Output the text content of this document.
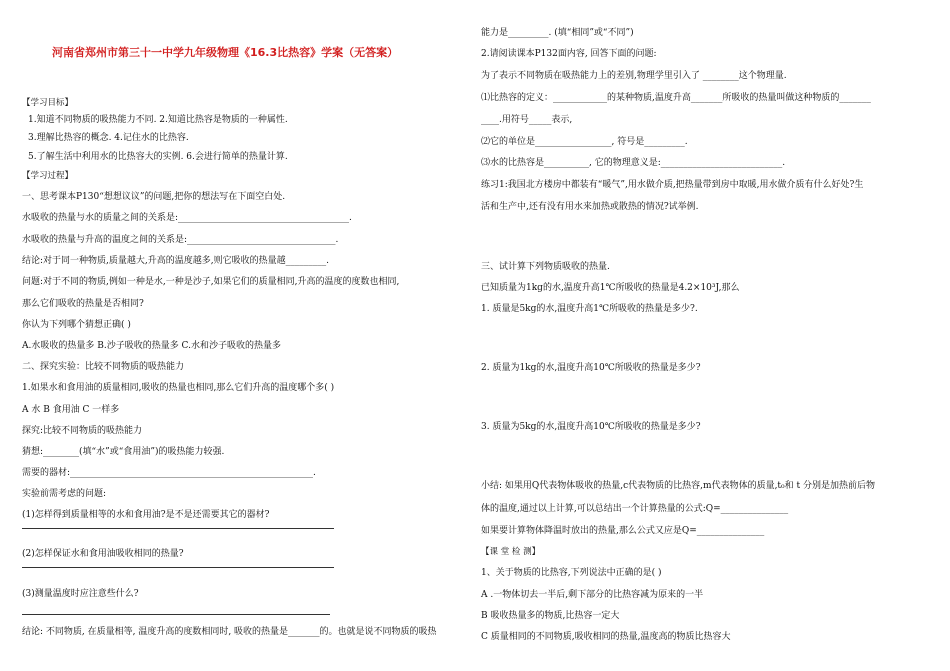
河南省郑州市第三十一中学九年级物理《16.3比热容》学案（无答案）
【学习目标】
1.知道不同物质的吸热能力不同. 2.知道比热容是物质的一种属性.
3.理解比热容的概念. 4.记住水的比热容.
5.了解生活中利用水的比热容大的实例. 6.会进行简单的热量计算.
【学习过程】
一、思考课本P130“想想议议”的问题,把你的想法写在下面空白处.
水吸收的热量与水的质量之间的关系是:______________________________________.
水吸收的热量与升高的温度之间的关系是:_________________________________.
结论:对于同一种物质,质量越大,升高的温度越多,则它吸收的热量越_________.
问题:对于不同的物质,例如一种是水,一种是沙子,如果它们的质量相同,升高的温度的度数也相同,
那么它们吸收的热量是否相同?
你认为下列哪个猜想正确( )
A.水吸收的热量多 B.沙子吸收的热量多 C.水和沙子吸收的热量多
二、探究实验：比较不同物质的吸热能力
1.如果水和食用油的质量相同,吸收的热量也相同,那么它们升高的温度哪个多( )
A 水 B 食用油 C 一样多
探究:比较不同物质的吸热能力
猜想:________(填“水”或“食用油”)的吸热能力较强.
需要的器材:______________________________________________________.
实验前需考虑的问题:
(1)怎样得到质量相等的水和食用油?是不是还需要其它的器材?
(2)怎样保证水和食用油吸收相同的热量?
(3)测量温度时应注意些什么?
结论: 不同物质, 在质量相等, 温度升高的度数相同时, 吸收的热量是_______的。也就是说不同物质的吸热
能力是_________. (填“相同”或“不同”)
2.请阅读课本P132面内容, 回答下面的问题:
为了表示不同物质在吸热能力上的差别,物理学里引入了 ________这个物理量.
⑴比热容的定义：____________的某种物质,温度升高_______所吸收的热量叫做这种物质的_______
____.用符号_____表示,
⑵它的单位是_________________, 符号是_________.
⑶水的比热容是__________, 它的物理意义是:___________________________.
练习1:我国北方楼房中都装有“暖气”,用水做介质,把热量带到房中取暖,用水做介质有什么好处?生
活和生产中,还有没有用水来加热或散热的情况?试举例.
三、试计算下列物质吸收的热量.
已知质量为1kg的水,温度升高1℃所吸收的热量是4.2×10³J,那么
1. 质量是5kg的水,温度升高1℃所吸收的热量是多少?.
2. 质量为1kg的水,温度升高10℃所吸收的热量是多少?
3. 质量为5kg的水,温度升高10℃所吸收的热量是多少?
小结: 如果用Q代表物体吸收的热量,c代表物质的比热容,m代表物体的质量,t₀和 t 分别是加热前后物
体的温度,通过以上计算,可以总结出一个计算热量的公式:Q=_______________
如果要计算物体降温时放出的热量,那么公式又应是Q=_______________
【课 堂 检 测】
1、关于物质的比热容,下列说法中正确的是( )
A .一物体切去一半后,剩下部分的比热容减为原来的一半
B 吸收热量多的物质,比热容一定大
C 质量相同的不同物质,吸收相同的热量,温度高的物质比热容大
